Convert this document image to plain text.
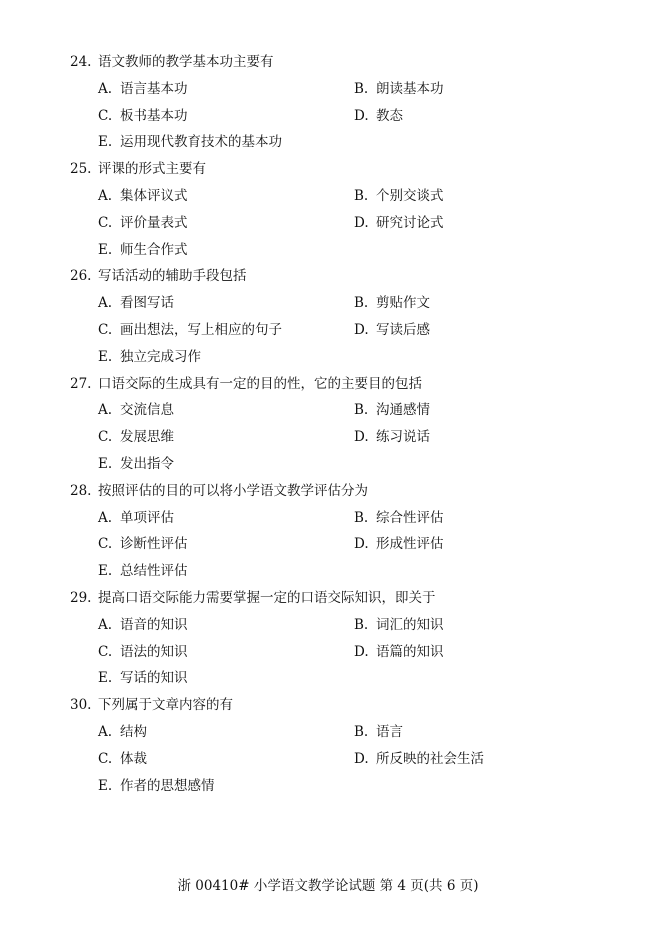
24. 语文教师的教学基本功主要有
A. 语言基本功	B. 朗读基本功
C. 板书基本功	D. 教态
E. 运用现代教育技术的基本功
25. 评课的形式主要有
A. 集体评议式	B. 个别交谈式
C. 评价量表式	D. 研究讨论式
E. 师生合作式
26. 写话活动的辅助手段包括
A. 看图写话	B. 剪贴作文
C. 画出想法，写上相应的句子	D. 写读后感
E. 独立完成习作
27. 口语交际的生成具有一定的目的性，它的主要目的包括
A. 交流信息	B. 沟通感情
C. 发展思维	D. 练习说话
E. 发出指令
28. 按照评估的目的可以将小学语文教学评估分为
A. 单项评估	B. 综合性评估
C. 诊断性评估	D. 形成性评估
E. 总结性评估
29. 提高口语交际能力需要掌握一定的口语交际知识，即关于
A. 语音的知识	B. 词汇的知识
C. 语法的知识	D. 语篇的知识
E. 写话的知识
30. 下列属于文章内容的有
A. 结构	B. 语言
C. 体裁	D. 所反映的社会生活
E. 作者的思想感情
浙 00410# 小学语文教学论试题 第 4 页(共 6 页)
